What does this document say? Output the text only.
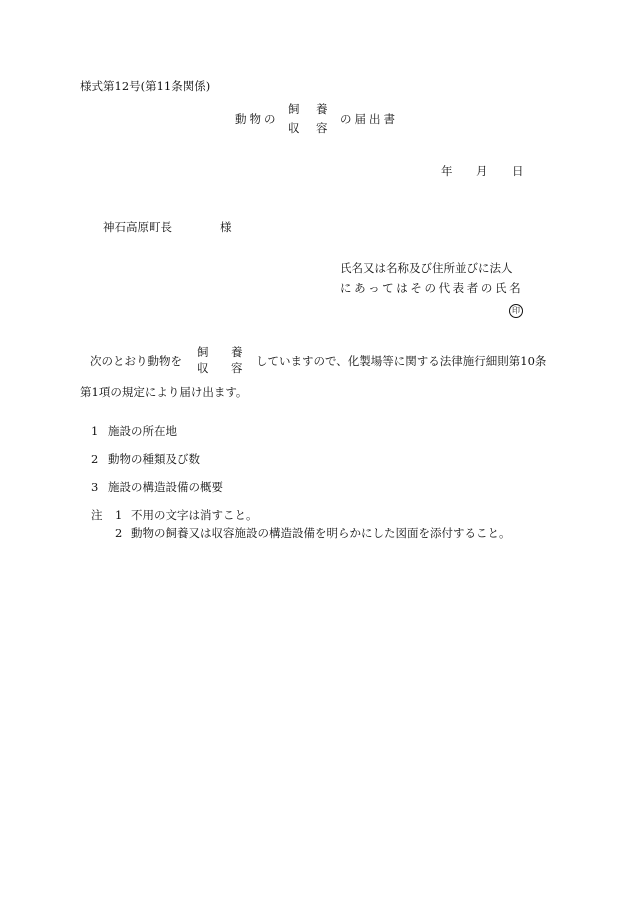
様式第12号(第11条関係)
動物の
飼 養
収 容
の届出書
年 月 日
神石高原町長	様
氏名又は名称及び住所並びに法人
にあってはその代表者の氏名
印
次のとおり動物を
飼 養
収 容 していますので、化製場等に関する法律施行細則第10条
第1項の規定により届け出ます。
1 施設の所在地
2 動物の種類及び数
3 施設の構造設備の概要
注 1 不用の文字は消すこと。
2 動物の飼養又は収容施設の構造設備を明らかにした図面を添付すること。
